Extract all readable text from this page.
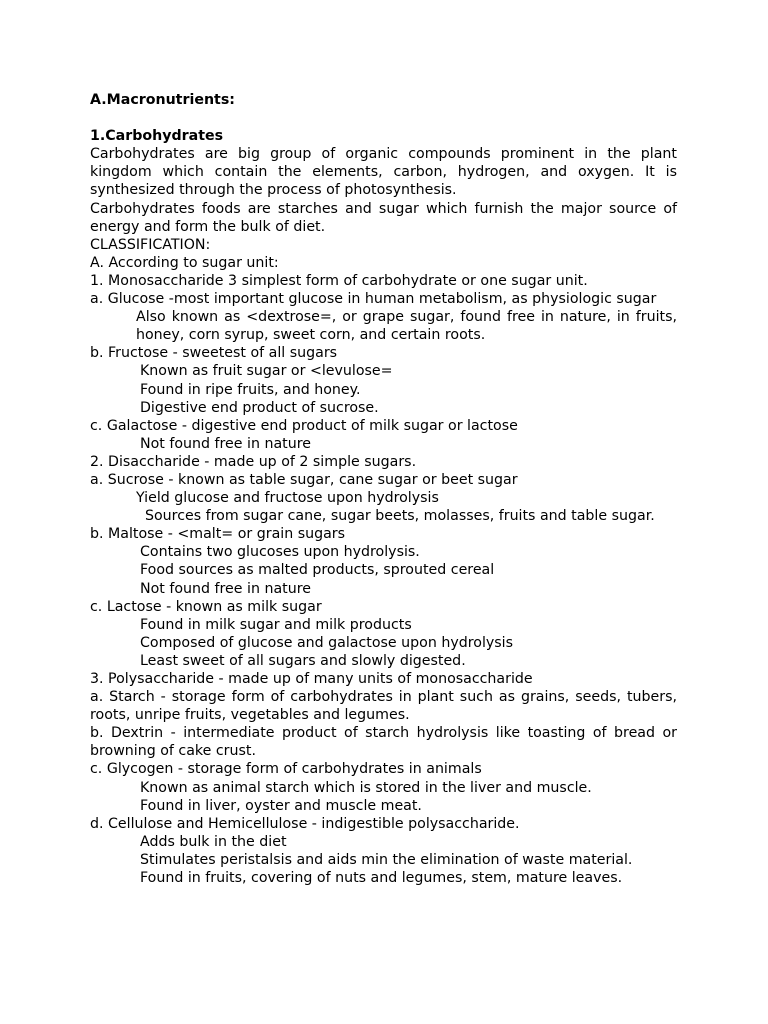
A.Macronutrients:
1.Carbohydrates

Carbohydrates are big group of organic compounds prominent in the plant kingdom which contain the elements, carbon, hydrogen, and oxygen. It is synthesized through the process of photosynthesis.

Carbohydrates foods are starches and sugar which furnish the major source of energy and form the bulk of diet.

CLASSIFICATION:
A. According to sugar unit:
1. Monosaccharide 3 simplest form of carbohydrate or one sugar unit.

a. Glucose -most important glucose in human metabolism, as physiologic sugar

Also known as <dextrose=, or grape sugar, found free in nature, in fruits, honey, corn syrup, sweet corn, and certain roots.

b. Fructose - sweetest of all sugars
Known as fruit sugar or <levulose=
Found in ripe fruits, and honey.
Digestive end product of sucrose.
c. Galactose - digestive end product of milk sugar or lactose
Not found free in nature
2. Disaccharide - made up of 2 simple sugars.
a. Sucrose - known as table sugar, cane sugar or beet sugar
Yield glucose and fructose upon hydrolysis

Sources from sugar cane, sugar beets, molasses, fruits and table sugar.

b. Maltose - <malt= or grain sugars
Contains two glucoses upon hydrolysis.
Food sources as malted products, sprouted cereal
Not found free in nature
c. Lactose - known as milk sugar
Found in milk sugar and milk products
Composed of glucose and galactose upon hydrolysis
Least sweet of all sugars and slowly digested.
3. Polysaccharide - made up of many units of monosaccharide

a. Starch - storage form of carbohydrates in plant such as grains, seeds, tubers, roots, unripe fruits, vegetables and legumes.

b. Dextrin - intermediate product of starch hydrolysis like toasting of bread or browning of cake crust.

c. Glycogen - storage form of carbohydrates in animals
Known as animal starch which is stored in the liver and muscle.
Found in liver, oyster and muscle meat.
d. Cellulose and Hemicellulose - indigestible polysaccharide.
Adds bulk in the diet
Stimulates peristalsis and aids min the elimination of waste material.
Found in fruits, covering of nuts and legumes, stem, mature leaves.
